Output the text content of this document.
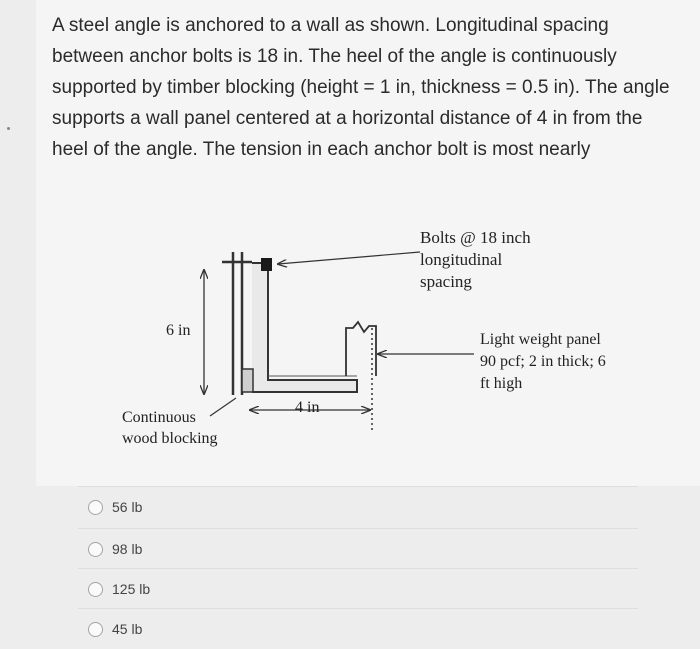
A steel angle is anchored to a wall as shown. Longitudinal spacing
between anchor bolts is 18 in. The heel of the angle is continuously
supported by timber blocking (height = 1 in, thickness = 0.5 in). The angle
supports a wall panel centered at a horizontal distance of 4 in from the
heel of the angle. The tension in each anchor bolt is most nearly
Bolts @ 18 inch
longitudinal
spacing
6 in
Light weight panel
90 pcf; 2 in thick; 6
ft high
4 in
Continuous
wood blocking
56 lb
98 lb
125 lb
45 lb
